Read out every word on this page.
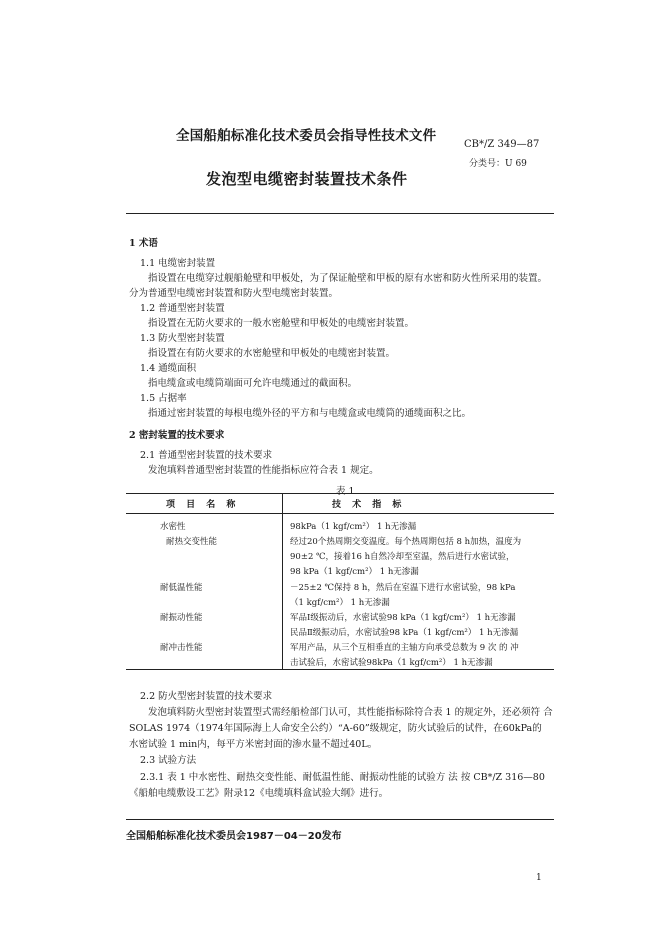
全国船舶标准化技术委员会指导性技术文件
CB*/Z 349—87
分类号：U 69
发泡型电缆密封装置技术条件
1 术语
1.1 电缆密封装置
指设置在电缆穿过舰船舱壁和甲板处，为了保证舱壁和甲板的原有水密和防火性所采用的装置。
分为普通型电缆密封装置和防火型电缆密封装置。
1.2 普通型密封装置
指设置在无防火要求的一般水密舱壁和甲板处的电缆密封装置。
1.3 防火型密封装置
指设置在有防火要求的水密舱壁和甲板处的电缆密封装置。
1.4 通缆面积
指电缆盒或电缆筒端面可允许电缆通过的截面积。
1.5 占据率
指通过密封装置的每根电缆外径的平方和与电缆盒或电缆筒的通缆面积之比。
2 密封装置的技术要求
2.1 普通型密封装置的技术要求
发泡填料普通型密封装置的性能指标应符合表 1 规定。
表 1
项 目 名 称	技 术 指 标
水密性	98kPa（1 kgf/cm²） 1 h无渗漏
耐热交变性能	经过20个热周期交变温度。每个热周期包括 8 h加热，温度为
90±2 ℃，接着16 h自然冷却至室温，然后进行水密试验，
98 kPa（1 kgf/cm²） 1 h无渗漏
耐低温性能	－25±2 ℃保持 8 h，然后在室温下进行水密试验，98 kPa
（1 kgf/cm²） 1 h无渗漏
耐振动性能	军品Ⅰ级振动后，水密试验98 kPa（1 kgf/cm²） 1 h无渗漏
民品Ⅱ级振动后，水密试验98 kPa（1 kgf/cm²） 1 h无渗漏
耐冲击性能	军用产品，从三个互相垂直的主轴方向承受总数为 9 次 的 冲
击试验后，水密试验98kPa（1 kgf/cm²） 1 h无渗漏
2.2 防火型密封装置的技术要求
发泡填料防火型密封装置型式需经船检部门认可，其性能指标除符合表 1 的规定外，还必须符 合
SOLAS 1974（1974年国际海上人命安全公约）“A-60”级规定，防火试验后的试件，在60kPa的
水密试验 1 min内，每平方米密封面的渗水量不超过40L。
2.3 试验方法
2.3.1 表 1 中水密性、耐热交变性能、耐低温性能、耐振动性能的试验方 法 按 CB*/Z 316—80
《船舶电缆敷设工艺》附录12《电缆填料盒试验大纲》进行。
全国船舶标准化技术委员会1987－04－20发布
1
